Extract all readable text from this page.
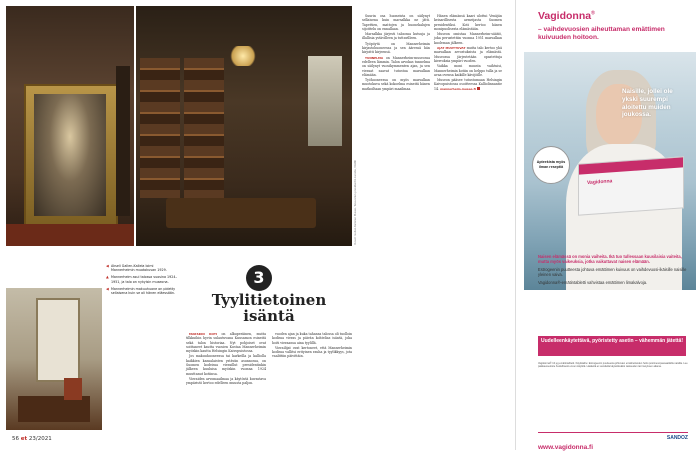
Kuvat: Gallen-Kallelan Museo, Tasavallan presidentin kanslia / KAINI
◀ Akseli Gallen-Kallela loimi Mannerheimin muotokuvan 1929.
▲ Mannerheim asui talossa vuosina 1924–1951, ja talo on nykyisin museona.
◀ Mannerheimin makuuhuone on pidetty sellaisena kuin se oli hänen eläessään.
3
Tyylitietoinen isäntä

MARSKIN KOTI on alkuperäinen, mutta tilkkuihin hyvin sulautuvana Kuusamon esineitä sekä talon historiaa. Nyt pohjoiset ovat soittaneet kautta vuosien Kustaa Mannerheimin myöskin kautta Helsingin Kaivopuistossa.

Jos makuuhuoneessa tai karkeilla ja kalliolla kaikkien kansalaisten ystävän asunnossa, on Suomen kodeissa vieraillut presidentinkin jälkeen kuuluisa myöskin vuonna 1924 muuttanut kotiinsa.

Vieraiden arvomaailmaa ja käytöstä kuvastava ympäristö kertoo edelleen muusta paljon.

vuoden ajan ja kuka tahansa talossa oli tuolloin kodissa vieras ja päivän kohtelias isäntä, joka hoiti vieraansa aina tyylillä.

Vierailijat ovat kertoneet, että Mannerheimin kodissa vallitsi erityinen rauha ja tyylikkyys, jota vaalittiin päivittäin.

56 et 23/2021

Suurin osa huoneista on säilynyt sellaisena kuin marsalkka ne jätti. Tapettien, mattojen ja huonekalujen sijoittelu on ennallaan.

Marsalkka järjesti taloonsa kutsuja ja illallisia ystävilleen ja tuttavilleen.

Työpöytä on Mannerheimin kirjastohuoneessa ja sen ääressä hän kirjoitti kirjeensä.

TUNNELMA on Mannerheim-museossa edelleen lämmin. Talon arvokas tunnelma on säilynyt vuosikymmenten ajan, ja sen vieraat saavat tutustua marsalkan elämään.

Työhuoneessa on myös marsalkan muotokuva sekä kokoelma esineitä hänen matkoiltaan ympäri maailmaa.

Hänen elämänsä kaari ulottui Venäjän keisarillisesta armeijasta Suomen presidentiksi. Koti kertoo hänen monipuolisesta elämästään.

Museon omistaa Mannerheim-säätiö, joka perustettiin vuonna 1951 marsalkan kuoleman jälkeen.

AJAT MUUTTUVAT mutta talo kertoo yhä marsalkan arvostuksista ja elämästä. Museossa järjestetään opastettuja kierroksia ympäri vuoden.

Vaikka moni muusta vaihtuisi, Mannerheimin kotiin on helppo tulla ja se avaa ovensa kaikille kävijöille.

Museon pääsee tutustumaan Helsingin Kaivopuistossa osoitteessa Kalliolinnantie 14. mannerheim-museo.fi

Vagidonna®
– vaihdevuosien aiheuttaman emättimen kuivuuden hoitoon.
Naisille, jollei ole ykski suurempi aloitettu muiden joukossa.
Apteekista myös ilman reseptiä
Vagidonna

Naisen elämässä on monia vaiheita. Ikä tuo tullessaan kuusilaisia vaiteita, mutta myös vaikeuksia, jotka vaikuttavat naisen elämään.

Estrogeenin puutteesta johtuva emättimen kuivuus on vaihdevuosi-ikäisille naisille yleinen vaiva.

Vagidonna®-emätintabletti vahvistaa emättimen limakalvoja.

Uudelleenkäytettävä, pyöristetty asetin – vähemmän jätettä!
Vagidonna® 10 µg emätintabletti. Käyttöaihe: Estrogeenin puutteesta johtuvien emätinoireiden hoito postmenopausaalisilla naisilla. Lue pakkausseloste huolellisesti ennen käyttöä. Lääkettä ei suositella käytettäväksi raskauden tai imetyksen aikana.
www.vagidonna.fi
SANDOZ
